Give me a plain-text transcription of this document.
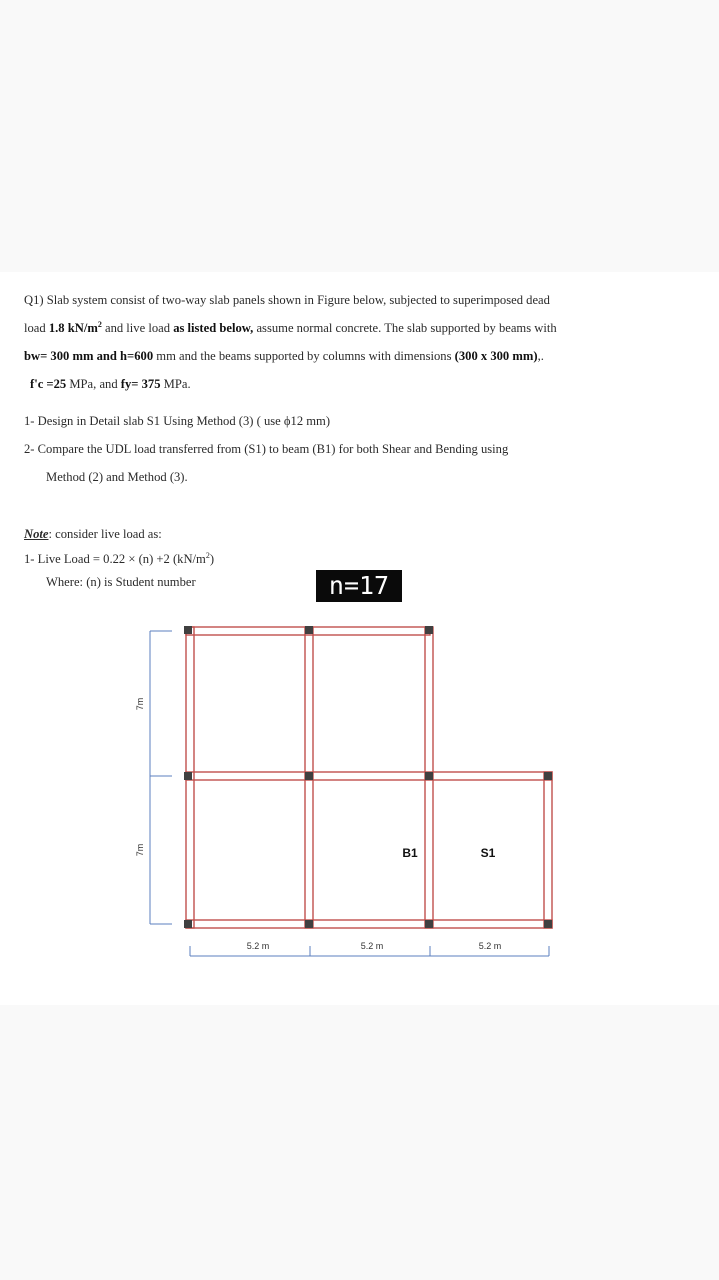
Q1) Slab system consist of two-way slab panels shown in Figure below, subjected to superimposed dead
load 1.8 $kN/m^2$ and live load as listed below, assume normal concrete. The slab supported by beams with
bw= 300 mm and h=600 mm and the beams supported by columns with dimensions (300 x 300 mm),.
f'c =25 MPa, and fy= 375 MPa.
1- Design in Detail slab S1 Using Method (3) ( use ϕ12 mm)
2- Compare the UDL load transferred from (S1) to beam (B1) for both Shear and Bending using
Method (2) and Method (3).
Note: consider live load as:
1- Live Load = 0.22 × (n) +2 $(kN/m^2)$
Where: (n) is Student number	n=17
7m
7m
5.2 m	5.2 m	5.2 m
B1	S1
